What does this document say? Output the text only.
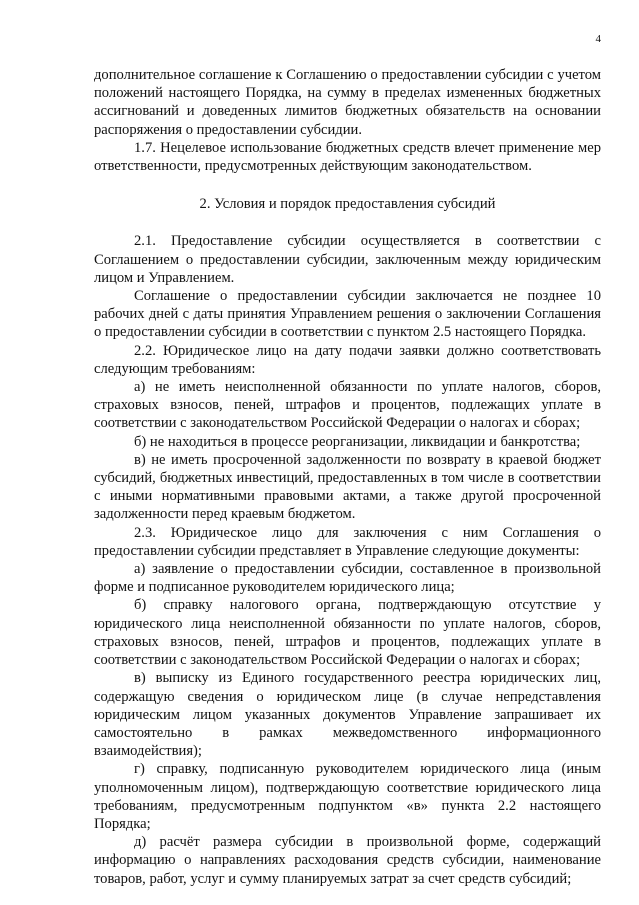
4

дополнительное соглашение к Соглашению о предоставлении субсидии с учетом положений настоящего Порядка, на сумму в пределах измененных бюджетных ассигнований и доведенных лимитов бюджетных обязательств на основании распоряжения о предоставлении субсидии.

1.7. Нецелевое использование бюджетных средств влечет применение мер ответственности, предусмотренных действующим законодательством.

2. Условия и порядок предоставления субсидий

2.1. Предоставление субсидии осуществляется в соответствии с Соглашением о предоставлении субсидии, заключенным между юридическим лицом и Управлением.

Соглашение о предоставлении субсидии заключается не позднее 10 рабочих дней с даты принятия Управлением решения о заключении Соглашения о предоставлении субсидии в соответствии с пунктом 2.5 настоящего Порядка.

2.2. Юридическое лицо на дату подачи заявки должно соответствовать следующим требованиям:

а) не иметь неисполненной обязанности по уплате налогов, сборов, страховых взносов, пеней, штрафов и процентов, подлежащих уплате в соответствии с законодательством Российской Федерации о налогах и сборах;

б) не находиться в процессе реорганизации, ликвидации и банкротства;

в) не иметь просроченной задолженности по возврату в краевой бюджет субсидий, бюджетных инвестиций, предоставленных в том числе в соответствии с иными нормативными правовыми актами, а также другой просроченной задолженности перед краевым бюджетом.

2.3. Юридическое лицо для заключения с ним Соглашения о предоставлении субсидии представляет в Управление следующие документы:

а) заявление о предоставлении субсидии, составленное в произвольной форме и подписанное руководителем юридического лица;

б) справку налогового органа, подтверждающую отсутствие у юридического лица неисполненной обязанности по уплате налогов, сборов, страховых взносов, пеней, штрафов и процентов, подлежащих уплате в соответствии с законодательством Российской Федерации о налогах и сборах;

в) выписку из Единого государственного реестра юридических лиц, содержащую сведения о юридическом лице (в случае непредставления юридическим лицом указанных документов Управление запрашивает их самостоятельно в рамках межведомственного информационного взаимодействия);

г) справку, подписанную руководителем юридического лица (иным уполномоченным лицом), подтверждающую соответствие юридического лица требованиям, предусмотренным подпунктом «в» пункта 2.2 настоящего Порядка;

д) расчёт размера субсидии в произвольной форме, содержащий информацию о направлениях расходования средств субсидии, наименование товаров, работ, услуг и сумму планируемых затрат за счет средств субсидий;
